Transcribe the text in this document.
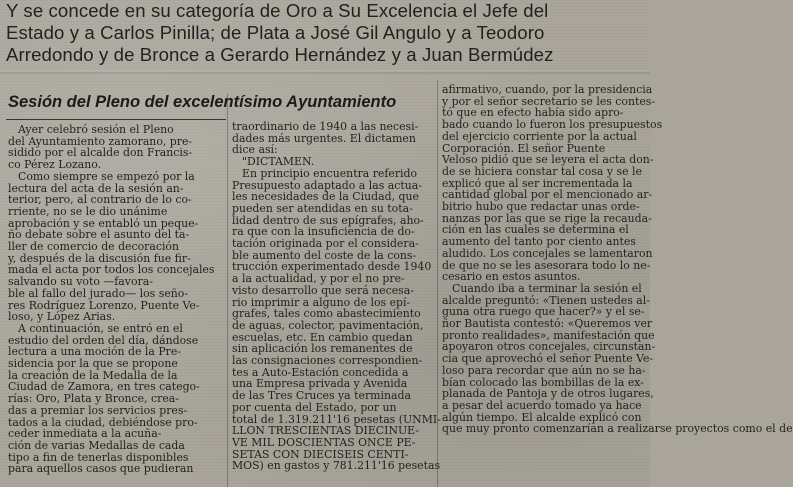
Y se concede en su categoría de Oro a Su Excelencia el Jefe del
Estado y a Carlos Pinilla; de Plata a José Gil Angulo y a Teodoro
Arredondo y de Bronce a Gerardo Hernández y a Juan Bermúdez
Sesión del Pleno del excelentísimo Ayuntamiento
Ayer celebró sesión el Pleno
del Ayuntamiento zamorano, pre-
sidido por el alcalde don Francis-
co Pérez Lozano.
Como siempre se empezó por la
lectura del acta de la sesión an-
terior, pero, al contrario de lo co-
rriente, no se le dio unánime
aprobación y se entabló un peque-
ño debate sobre el asunto del ta-
ller de comercio de decoración
y, después de la discusión fue fir-
mada el acta por todos los concejales
salvando su voto —favora-
ble al fallo del jurado— los seño-
res Rodríguez Lorenzo, Puente Ve-
loso, y López Arias.
A continuación, se entró en el
estudio del orden del día, dándose
lectura a una moción de la Pre-
sidencia por la que se propone
la creación de la Medalla de la
Ciudad de Zamora, en tres catego-
rías: Oro, Plata y Bronce, crea-
das a premiar los servicios pres-
tados a la ciudad, debiéndose pro-
ceder inmediata a la acuña-
ción de varias Medallas de cada
tipo a fin de tenerlas disponibles
para aquellos casos que pudieran
traordinario de 1940 a las necesi-
dades más urgentes. El dictamen
dice así:
"DICTAMEN.
En principio encuentra referido
Presupuesto adaptado a las actua-
les necesidades de la Ciudad, que
pueden ser atendidas en su tota-
lidad dentro de sus epígrafes, aho-
ra que con la insuficiencia de do-
tación originada por el considera-
ble aumento del coste de la cons-
trucción experimentado desde 1940
a la actualidad, y por el no pre-
visto desarrollo que será necesa-
rio imprimir a alguno de los epí-
grafes, tales como abastecimiento
de aguas, colector, pavimentación,
escuelas, etc. En cambio quedan
sin aplicación los remanentes de
las consignaciones correspondien-
tes a Auto-Estación concedida a
una Empresa privada y Avenida
de las Tres Cruces ya terminada
por cuenta del Estado, por un
total de 1.319.211'16 pesetas (UNMI-
LLON TRESCIENTAS DIECINUE-
VE MIL DOSCIENTAS ONCE PE-
SETAS CON DIECISEIS CENTI-
MOS) en gastos y 781.211'16 pesetas
afirmativo, cuando, por la presidencia
y por el señor secretario se les contes-
tó que en efecto había sido apro-
bado cuando lo fueron los presupuestos
del ejercicio corriente por la actual
Corporación. El señor Puente
Veloso pidió que se leyera el acta don-
de se hiciera constar tal cosa y se le
explicó que al ser incrementada la
cantidad global por el mencionado ar-
bitrio hubo que redactar unas orde-
nanzas por las que se rige la recauda-
ción en las cuales se determina el
aumento del tanto por ciento antes
aludido. Los concejales se lamentaron
de que no se les asesorara todo lo ne-
cesario en estos asuntos.
Cuando iba a terminar la sesión el
alcalde preguntó: «Tienen ustedes al-
guna otra ruego que hacer?» y el se-
ñor Bautista contestó: «Queremos ver
pronto realidades», manifestación que
apoyaron otros concejales, circunstan-
cia que aprovechó el señor Puente Ve-
loso para recordar que aún no se ha-
bían colocado las bombillas de la ex-
planada de Pantoja y de otros lugares,
a pesar del acuerdo tomado ya hace
algún tiempo. El alcalde explicó con
que muy pronto comenzarían a realizarse proyectos como el de
